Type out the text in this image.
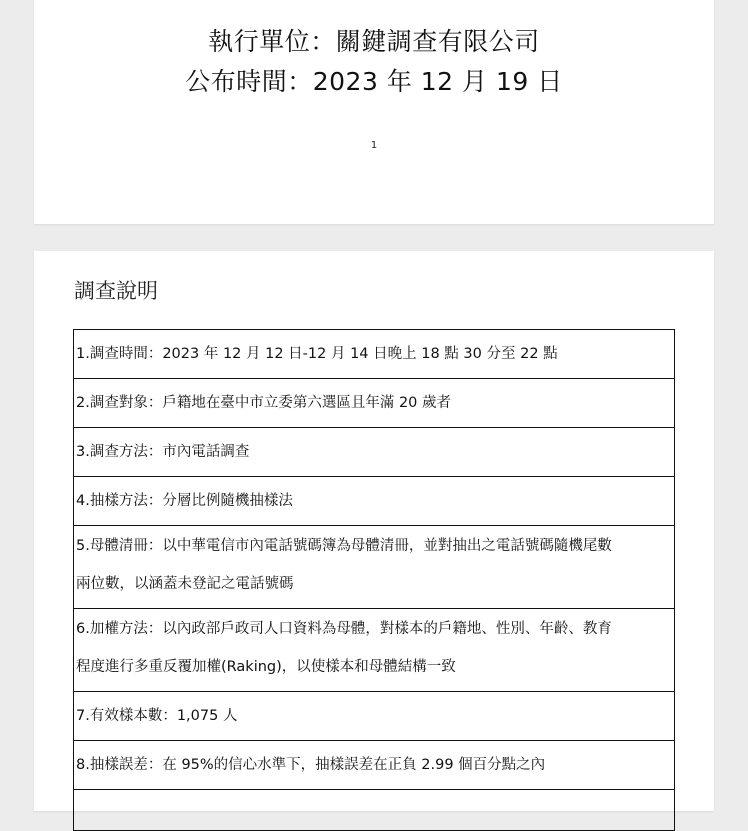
執行單位：關鍵調查有限公司
公布時間：2023 年 12 月 19 日
1
調查說明
1.調查時間：2023 年 12 月 12 日-12 月 14 日晚上 18 點 30 分至 22 點
2.調查對象：戶籍地在臺中市立委第六選區且年滿 20 歲者
3.調查方法：市內電話調查
4.抽樣方法：分層比例隨機抽樣法
5.母體清冊：以中華電信市內電話號碼簿為母體清冊，並對抽出之電話號碼隨機尾數
兩位數，以涵蓋未登記之電話號碼
6.加權方法：以內政部戶政司人口資料為母體，對樣本的戶籍地、性別、年齡、教育
程度進行多重反覆加權(Raking)，以使樣本和母體結構一致
7.有效樣本數：1,075 人
8.抽樣誤差：在 95%的信心水準下，抽樣誤差在正負 2.99 個百分點之內
